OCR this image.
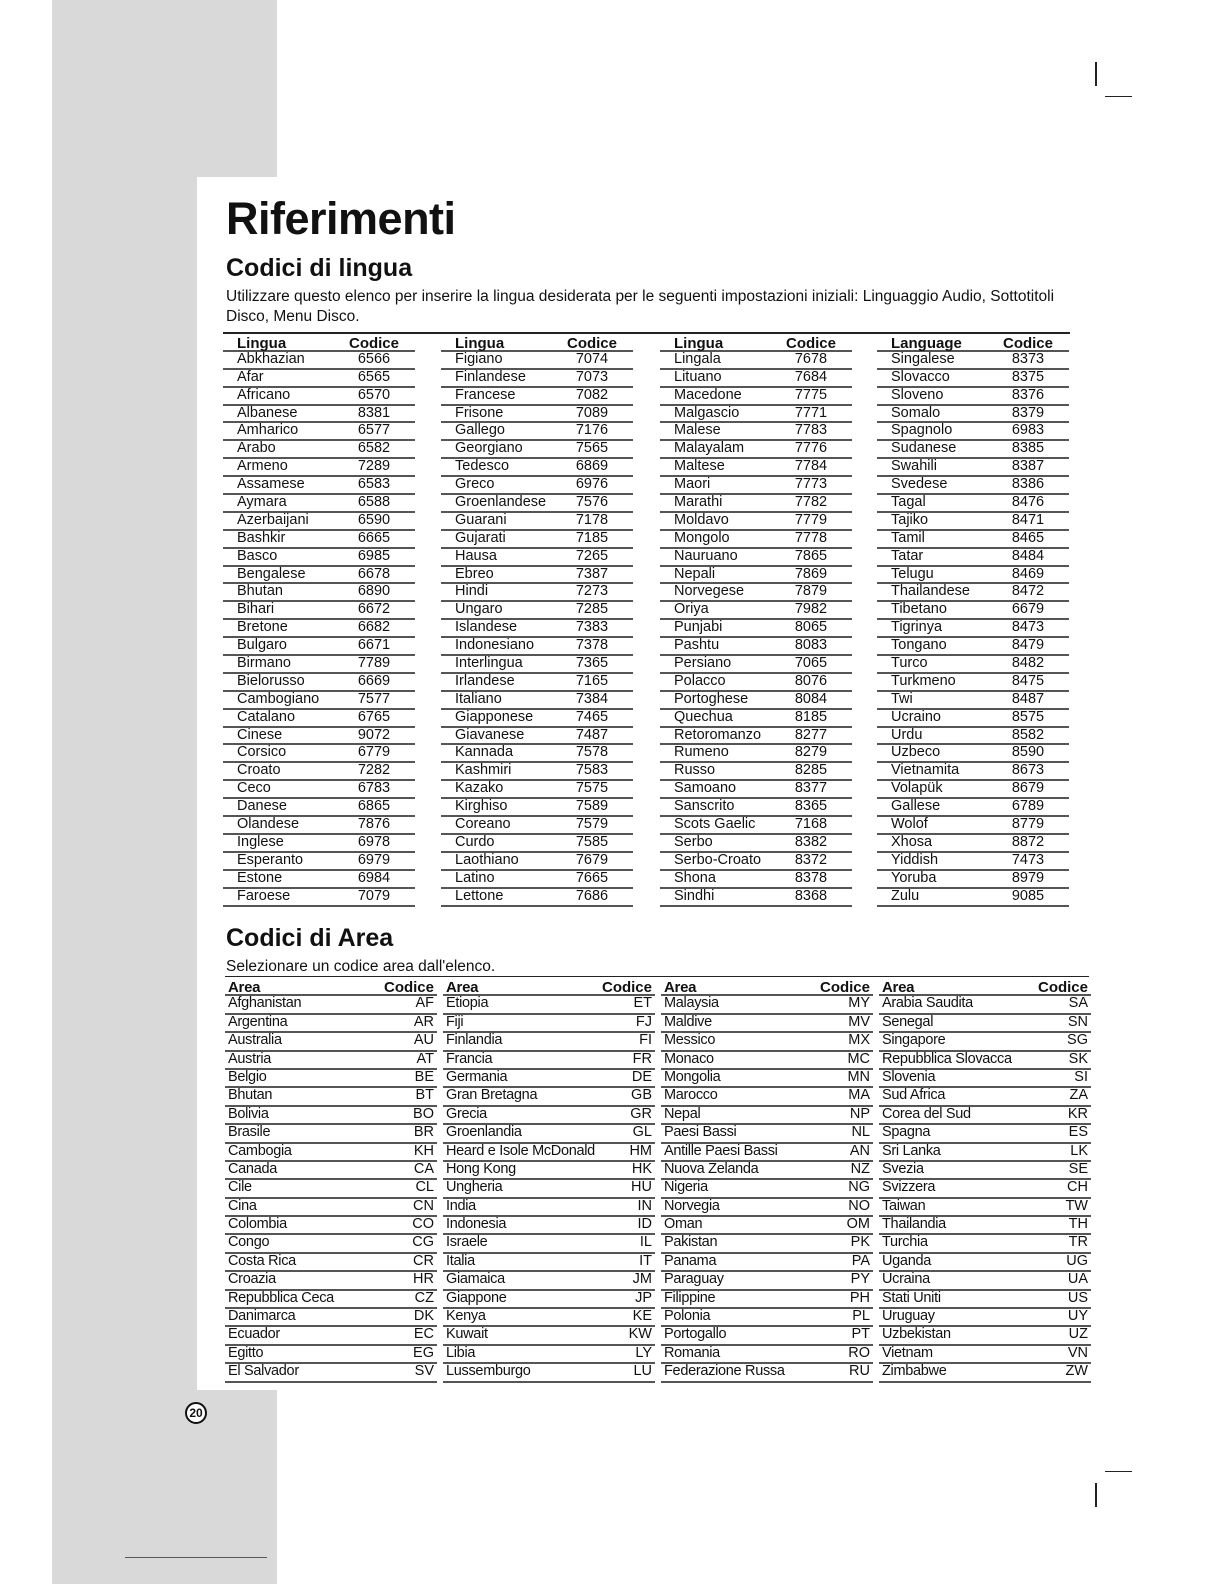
Riferimenti
Codici di lingua

Utilizzare questo elenco per inserire la lingua desiderata per le seguenti impostazioni iniziali: Linguaggio Audio, Sottotitoli Disco, Menu Disco.

Lingua	Codice
Abkhazian	6566
Afar	6565
Africano	6570
Albanese	8381
Amharico	6577
Arabo	6582
Armeno	7289
Assamese	6583
Aymara	6588
Azerbaijani	6590
Bashkir	6665
Basco	6985
Bengalese	6678
Bhutan	6890
Bihari	6672
Bretone	6682
Bulgaro	6671
Birmano	7789
Bielorusso	6669
Cambogiano	7577
Catalano	6765
Cinese	9072
Corsico	6779
Croato	7282
Ceco	6783
Danese	6865
Olandese	7876
Inglese	6978
Esperanto	6979
Estone	6984
Faroese	7079
Lingua	Codice
Figiano	7074
Finlandese	7073
Francese	7082
Frisone	7089
Gallego	7176
Georgiano	7565
Tedesco	6869
Greco	6976
Groenlandese	7576
Guarani	7178
Gujarati	7185
Hausa	7265
Ebreo	7387
Hindi	7273
Ungaro	7285
Islandese	7383
Indonesiano	7378
Interlingua	7365
Irlandese	7165
Italiano	7384
Giapponese	7465
Giavanese	7487
Kannada	7578
Kashmiri	7583
Kazako	7575
Kirghiso	7589
Coreano	7579
Curdo	7585
Laothiano	7679
Latino	7665
Lettone	7686
Lingua	Codice
Lingala	7678
Lituano	7684
Macedone	7775
Malgascio	7771
Malese	7783
Malayalam	7776
Maltese	7784
Maori	7773
Marathi	7782
Moldavo	7779
Mongolo	7778
Nauruano	7865
Nepali	7869
Norvegese	7879
Oriya	7982
Punjabi	8065
Pashtu	8083
Persiano	7065
Polacco	8076
Portoghese	8084
Quechua	8185
Retoromanzo	8277
Rumeno	8279
Russo	8285
Samoano	8377
Sanscrito	8365
Scots Gaelic	7168
Serbo	8382
Serbo-Croato	8372
Shona	8378
Sindhi	8368
Language	Codice
Singalese	8373
Slovacco	8375
Sloveno	8376
Somalo	8379
Spagnolo	6983
Sudanese	8385
Swahili	8387
Svedese	8386
Tagal	8476
Tajiko	8471
Tamil	8465
Tatar	8484
Telugu	8469
Thailandese	8472
Tibetano	6679
Tigrinya	8473
Tongano	8479
Turco	8482
Turkmeno	8475
Twi	8487
Ucraino	8575
Urdu	8582
Uzbeco	8590
Vietnamita	8673
Volapük	8679
Gallese	6789
Wolof	8779
Xhosa	8872
Yiddish	7473
Yoruba	8979
Zulu	9085
Codici di Area

Selezionare un codice area dall'elenco.

Area	Codice
Afghanistan	AF
Argentina	AR
Australia	AU
Austria	AT
Belgio	BE
Bhutan	BT
Bolivia	BO
Brasile	BR
Cambogia	KH
Canada	CA
Cile	CL
Cina	CN
Colombia	CO
Congo	CG
Costa Rica	CR
Croazia	HR
Repubblica Ceca	CZ
Danimarca	DK
Ecuador	EC
Egitto	EG
El Salvador	SV
Area	Codice
Etiopia	ET
Fiji	FJ
Finlandia	FI
Francia	FR
Germania	DE
Gran Bretagna	GB
Grecia	GR
Groenlandia	GL
Heard e Isole McDonald HM
Hong Kong	HK
Ungheria	HU
India	IN
Indonesia	ID
Israele	IL
Italia	IT
Giamaica	JM
Giappone	JP
Kenya	KE
Kuwait	KW
Libia	LY
Lussemburgo	LU
Area	Codice
Malaysia	MY
Maldive	MV
Messico	MX
Monaco	MC
Mongolia	MN
Marocco	MA
Nepal	NP
Paesi Bassi	NL
Antille Paesi Bassi	AN
Nuova Zelanda	NZ
Nigeria	NG
Norvegia	NO
Oman	OM
Pakistan	PK
Panama	PA
Paraguay	PY
Filippine	PH
Polonia	PL
Portogallo	PT
Romania	RO
Federazione Russa	RU
Area	Codice
Arabia Saudita	SA
Senegal	SN
Singapore	SG
Repubblica Slovacca	SK
Slovenia	SI
Sud Africa	ZA
Corea del Sud	KR
Spagna	ES
Sri Lanka	LK
Svezia	SE
Svizzera	CH
Taiwan	TW
Thailandia	TH
Turchia	TR
Uganda	UG
Ucraina	UA
Stati Uniti	US
Uruguay	UY
Uzbekistan	UZ
Vietnam	VN
Zimbabwe	ZW
20
